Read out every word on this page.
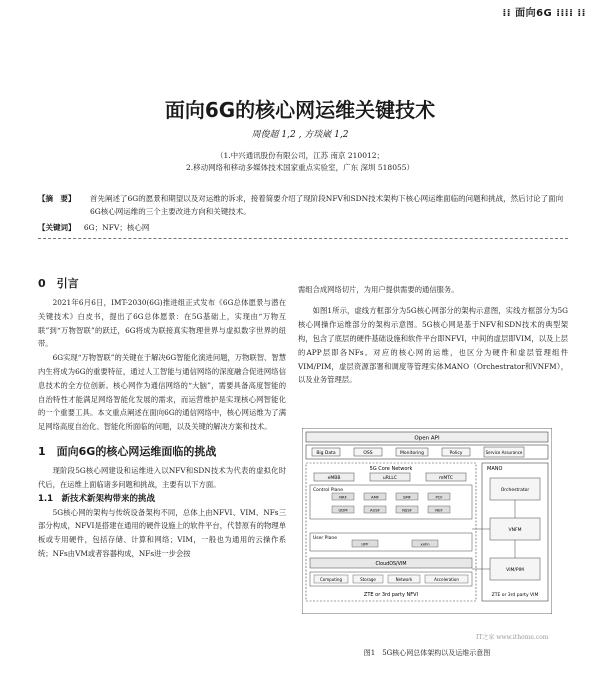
⁞⁞ 面向6G ⁞⁞⁞⁞ ⁞⁞
面向6G的核心网运维关键技术
周俊超 1,2 , 方琰崴 1,2
（1.中兴通讯股份有限公司，江苏 南京 210012；
2.移动网络和移动多媒体技术国家重点实验室，广东 深圳 518055）
【摘　要】	首先阐述了6G的愿景和期望以及对运维的诉求，接着简要介绍了现阶段NFV和SDN技术架构下核心网运维面临的问题和挑战，然后讨论了面向6G核心网运维的三个主要改进方向和关键技术。
【关键词】 6G；NFV；核心网
0　引言

2021年6月6日，IMT-2030(6G)推进组正式发布《6G总体愿景与潜在关键技术》白皮书，提出了6G总体愿景：在5G基础上，实现由“万物互联”到“万物智联”的跃迁，6G将成为联接真实物理世界与虚拟数字世界的纽带。

6G实现“万物智联”的关键在于解决6G智能化演进问题，万物联智、智慧内生将成为6G的重要特征，通过人工智能与通信网络的深度融合促进网络信息技术的全方位创新。核心网作为通信网络的“大脑”，需要具备高度智能的自治特性才能满足网络智能化发展的需求，而运营维护是实现核心网智能化的一个重要工具。本文重点阐述在面向6G的通信网络中，核心网运维为了满足网络高度自治化、智能化所面临的问题，以及关键的解决方案和技术。

1　面向6G的核心网运维面临的挑战

现阶段5G核心网建设和运维进入以NFV和SDN技术为代表的虚拟化时代后，在运维上面临诸多问题和挑战，主要有以下方面。

1.1　新技术新架构带来的挑战

5G核心网的架构与传统设备架构不同，总体上由NFVI、VIM、NFs三部分构成，NFVI是搭建在通用的硬件设施上的软件平台，代替原有的物理单板或专用硬件，包括存储、计算和网络；VIM，一般也为通用的云操作系统；NFs由VM或者容器构成，NFs进一步会按

需组合成网络切片，为用户提供需要的通信服务。

如图1所示，虚线方框部分为5G核心网部分的架构示意图，实线方框部分为5G核心网操作运维部分的架构示意图。5G核心网是基于NFV和SDN技术的典型架构，包含了底层的硬件基础设施和软件平台即NFVI，中间的虚层即VIM，以及上层的APP层即各NFs。对应的核心网的运维，也区分为硬件和虚层管理组件VIM/PIM，虚层资源部署和调度等管理实体MANO（Orchestrator和VNFM），以及业务管理层。

Open API
Big Data	OSS	Monitoring	Policy	Service Assurance
5G Core Network
eMBB	uRLLC	mMTC
Control Plane
NRF	AMF	SMF	PCF
UDM	AUSF	NSSF	NEF
User Plane
UPF	xxFn
CloudOS/VIM
Computing	Storage	Network	Acceleration
ZTE or 3rd party NFVI
MANO
Orchestrator
VNFM
VIM/PIM
ZTE or 3rd party VIM
IT之家 www.ithome.com
图1　5G核心网总体架构以及运维示意图
